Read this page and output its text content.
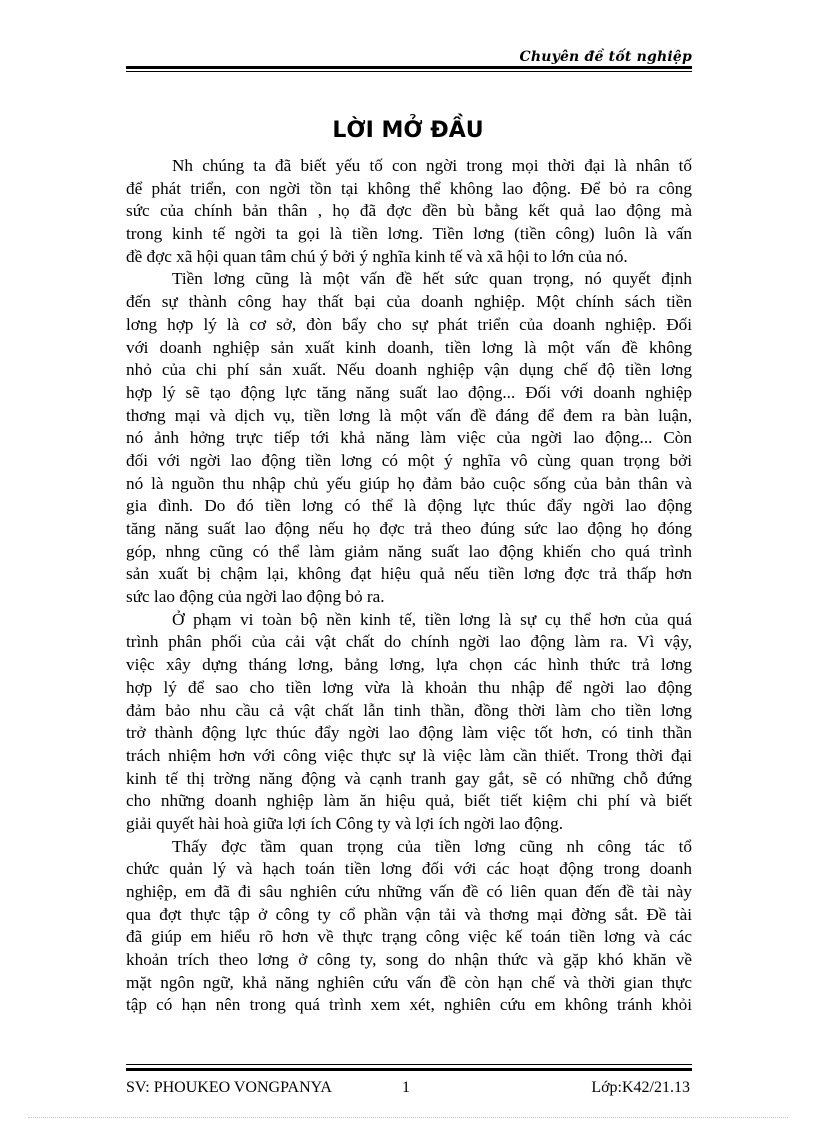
Chuyên đề tốt nghiệp
LỜI MỞ ĐẦU
Nh chúng ta đã biết yếu tố con ngời trong mọi thời đại là nhân tố
để phát triển, con ngời tồn tại không thể không lao động. Để bỏ ra công
sức của chính bản thân , họ đã đợc đền bù bằng kết quả lao động mà
trong kinh tế ngời ta gọi là tiền lơng. Tiền lơng (tiền công) luôn là vấn
đề đợc xã hội quan tâm chú ý bởi ý nghĩa kinh tế và xã hội to lớn của nó.
Tiền lơng cũng là một vấn đề hết sức quan trọng, nó quyết định
đến sự thành công hay thất bại của doanh nghiệp. Một chính sách tiền
lơng hợp lý là cơ sở, đòn bẩy cho sự phát triển của doanh nghiệp. Đối
với doanh nghiệp sản xuất kinh doanh, tiền lơng là một vấn đề không
nhỏ của chi phí sản xuất. Nếu doanh nghiệp vận dụng chế độ tiền lơng
hợp lý sẽ tạo động lực tăng năng suất lao động... Đối với doanh nghiệp
thơng mại và dịch vụ, tiền lơng là một vấn đề đáng để đem ra bàn luận,
nó ảnh hởng trực tiếp tới khả năng làm việc của ngời lao động... Còn
đối với ngời lao động tiền lơng có một ý nghĩa vô cùng quan trọng bởi
nó là nguồn thu nhập chủ yếu giúp họ đảm bảo cuộc sống của bản thân và
gia đình. Do đó tiền lơng có thể là động lực thúc đẩy ngời lao động
tăng năng suất lao động nếu họ đợc trả theo đúng sức lao động họ đóng
góp, nhng cũng có thể làm giảm năng suất lao động khiến cho quá trình
sản xuất bị chậm lại, không đạt hiệu quả nếu tiền lơng đợc trả thấp hơn
sức lao động của ngời lao động bỏ ra.
Ở phạm vi toàn bộ nền kinh tế, tiền lơng là sự cụ thể hơn của quá
trình phân phối của cải vật chất do chính ngời lao động làm ra. Vì vậy,
việc xây dựng tháng lơng, bảng lơng, lựa chọn các hình thức trả lơng
hợp lý để sao cho tiền lơng vừa là khoản thu nhập để ngời lao động
đảm bảo nhu cầu cả vật chất lẫn tinh thần, đồng thời làm cho tiền lơng
trở thành động lực thúc đẩy ngời lao động làm việc tốt hơn, có tinh thần
trách nhiệm hơn với công việc thực sự là việc làm cần thiết. Trong thời đại
kinh tế thị trờng năng động và cạnh tranh gay gắt, sẽ có những chỗ đứng
cho những doanh nghiệp làm ăn hiệu quả, biết tiết kiệm chi phí và biết
giải quyết hài hoà giữa lợi ích Công ty và lợi ích ngời lao động.
Thấy đợc tầm quan trọng của tiền lơng cũng nh công tác tổ
chức quản lý và hạch toán tiền lơng đối với các hoạt động trong doanh
nghiệp, em đã đi sâu nghiên cứu những vấn đề có liên quan đến đề tài này
qua đợt thực tập ở công ty cổ phần vận tải và thơng mại đờng sắt. Đề tài
đã giúp em hiểu rõ hơn về thực trạng công việc kế toán tiền lơng và các
khoản trích theo lơng ở công ty, song do nhận thức và gặp khó khăn về
mặt ngôn ngữ, khả năng nghiên cứu vấn đề còn hạn chế và thời gian thực
tập có hạn nên trong quá trình xem xét, nghiên cứu em không tránh khỏi
SV: PHOUKEO VONGPANYA	1	Lớp:K42/21.13
